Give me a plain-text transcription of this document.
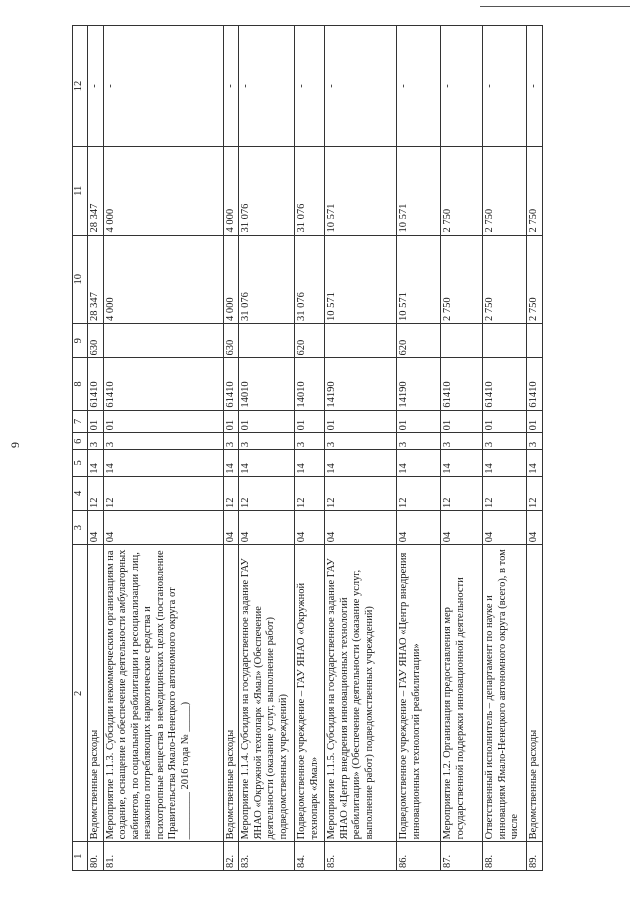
9
1	2	3	4	5	6	7	8	9	10	11	12
80.	Ведомственные расходы	04	12	14	3	01	61410	630	28 347	28 347	-
81.	Мероприятие 1.1.3. Субсидии некоммерческим организациям на создание, оснащение и обеспечение деятельности амбулаторных кабинетов, по социальной реабилитации и ресоциализации лиц, незаконно потребляющих наркотические средства и психотропные вещества в немедицинских целях (постановление Правительства Ямало-Ненецкого автономного округа от _________ 2016 года № _____)	04	12	14	3	01	61410		4 000	4 000	-
82.	Ведомственные расходы	04	12	14	3	01	61410	630	4 000	4 000	-
83.	Мероприятие 1.1.4. Субсидия на государственное задание ГАУ ЯНАО «Окружной технопарк «Ямал» (Обеспечение деятельности (оказание услуг, выполнение работ) подведомственных учреждений)	04	12	14	3	01	14010		31 076	31 076	-
84.	Подведомственное учреждение – ГАУ ЯНАО «Окружной технопарк «Ямал»	04	12	14	3	01	14010	620	31 076	31 076	-
85.	Мероприятие 1.1.5. Субсидия на государственное задание ГАУ ЯНАО «Центр внедрения инновационных технологий реабилитации» (Обеспечение деятельности (оказание услуг, выполнение работ) подведомственных учреждений)	04	12	14	3	01	14190		10 571	10 571	-
86.	Подведомственное учреждение – ГАУ ЯНАО «Центр внедрения инновационных технологий реабилитации»	04	12	14	3	01	14190	620	10 571	10 571	-
87.	Мероприятие 1.2. Организация предоставления мер государственной поддержки инновационной деятельности	04	12	14	3	01	61410		2 750	2 750	-
88.	Ответственный исполнитель – департамент по науке и инновациям Ямало-Ненецкого автономного округа (всего), в том числе	04	12	14	3	01	61410		2 750	2 750	-
89.	Ведомственные расходы	04	12	14	3	01	61410		2 750	2 750	-
